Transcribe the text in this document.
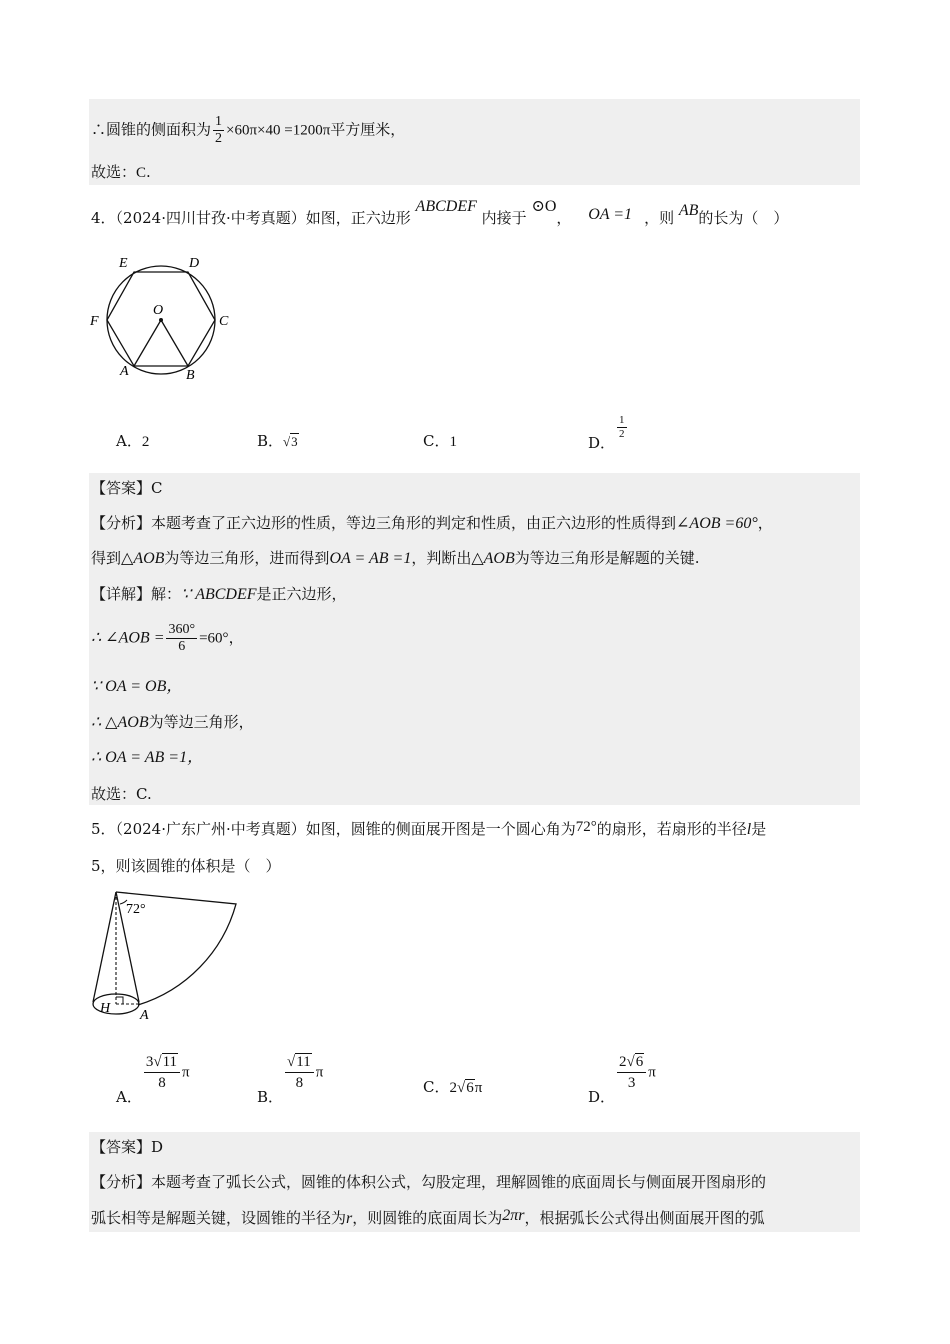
∴圆锥的侧面积为 $\frac{1}{2} \times 60\pi\times 40 =1200\pi$平方厘米，
故选：C.
4．（2024·四川甘孜·中考真题）如图，正六边形 ABCDEF 内接于 ⊙O， OA =1 ，则 AB的长为（　）
E	D
F
O
C
A	B
A．2	B．√3	C．1	D．
$\frac{1}{2}$
【答案】C
【分析】本题考查了正六边形的性质，等边三角形的判定和性质，由正六边形的性质得到∠AOB =60°，
得到△AOB为等边三角形，进而得到OA = AB =1，判断出△AOB为等边三角形是解题的关键.
【详解】解：∵ ABCDEF是正六边形，
∴ ∠AOB = $\frac{360^\circ}{6} =60^\circ$，
∵ OA = OB，
∴ △AOB为等边三角形，
∴ OA = AB =1，
故选：C.
5．（2024·广东广州·中考真题）如图，圆锥的侧面展开图是一个圆心角为72°的扇形，若扇形的半径l是
5，则该圆锥的体积是（　）
72°
H A
A．
$\frac{3√11}{8}$ π
B．
$\frac{√11}{8}$ π
C．2√6π	D．
$\frac{2√6}{3}$ π
【答案】D
【分析】本题考查了弧长公式，圆锥的体积公式，勾股定理，理解圆锥的底面周长与侧面展开图扇形的
弧长相等是解题关键，设圆锥的半径为r，则圆锥的底面周长为2πr，根据弧长公式得出侧面展开图的弧
